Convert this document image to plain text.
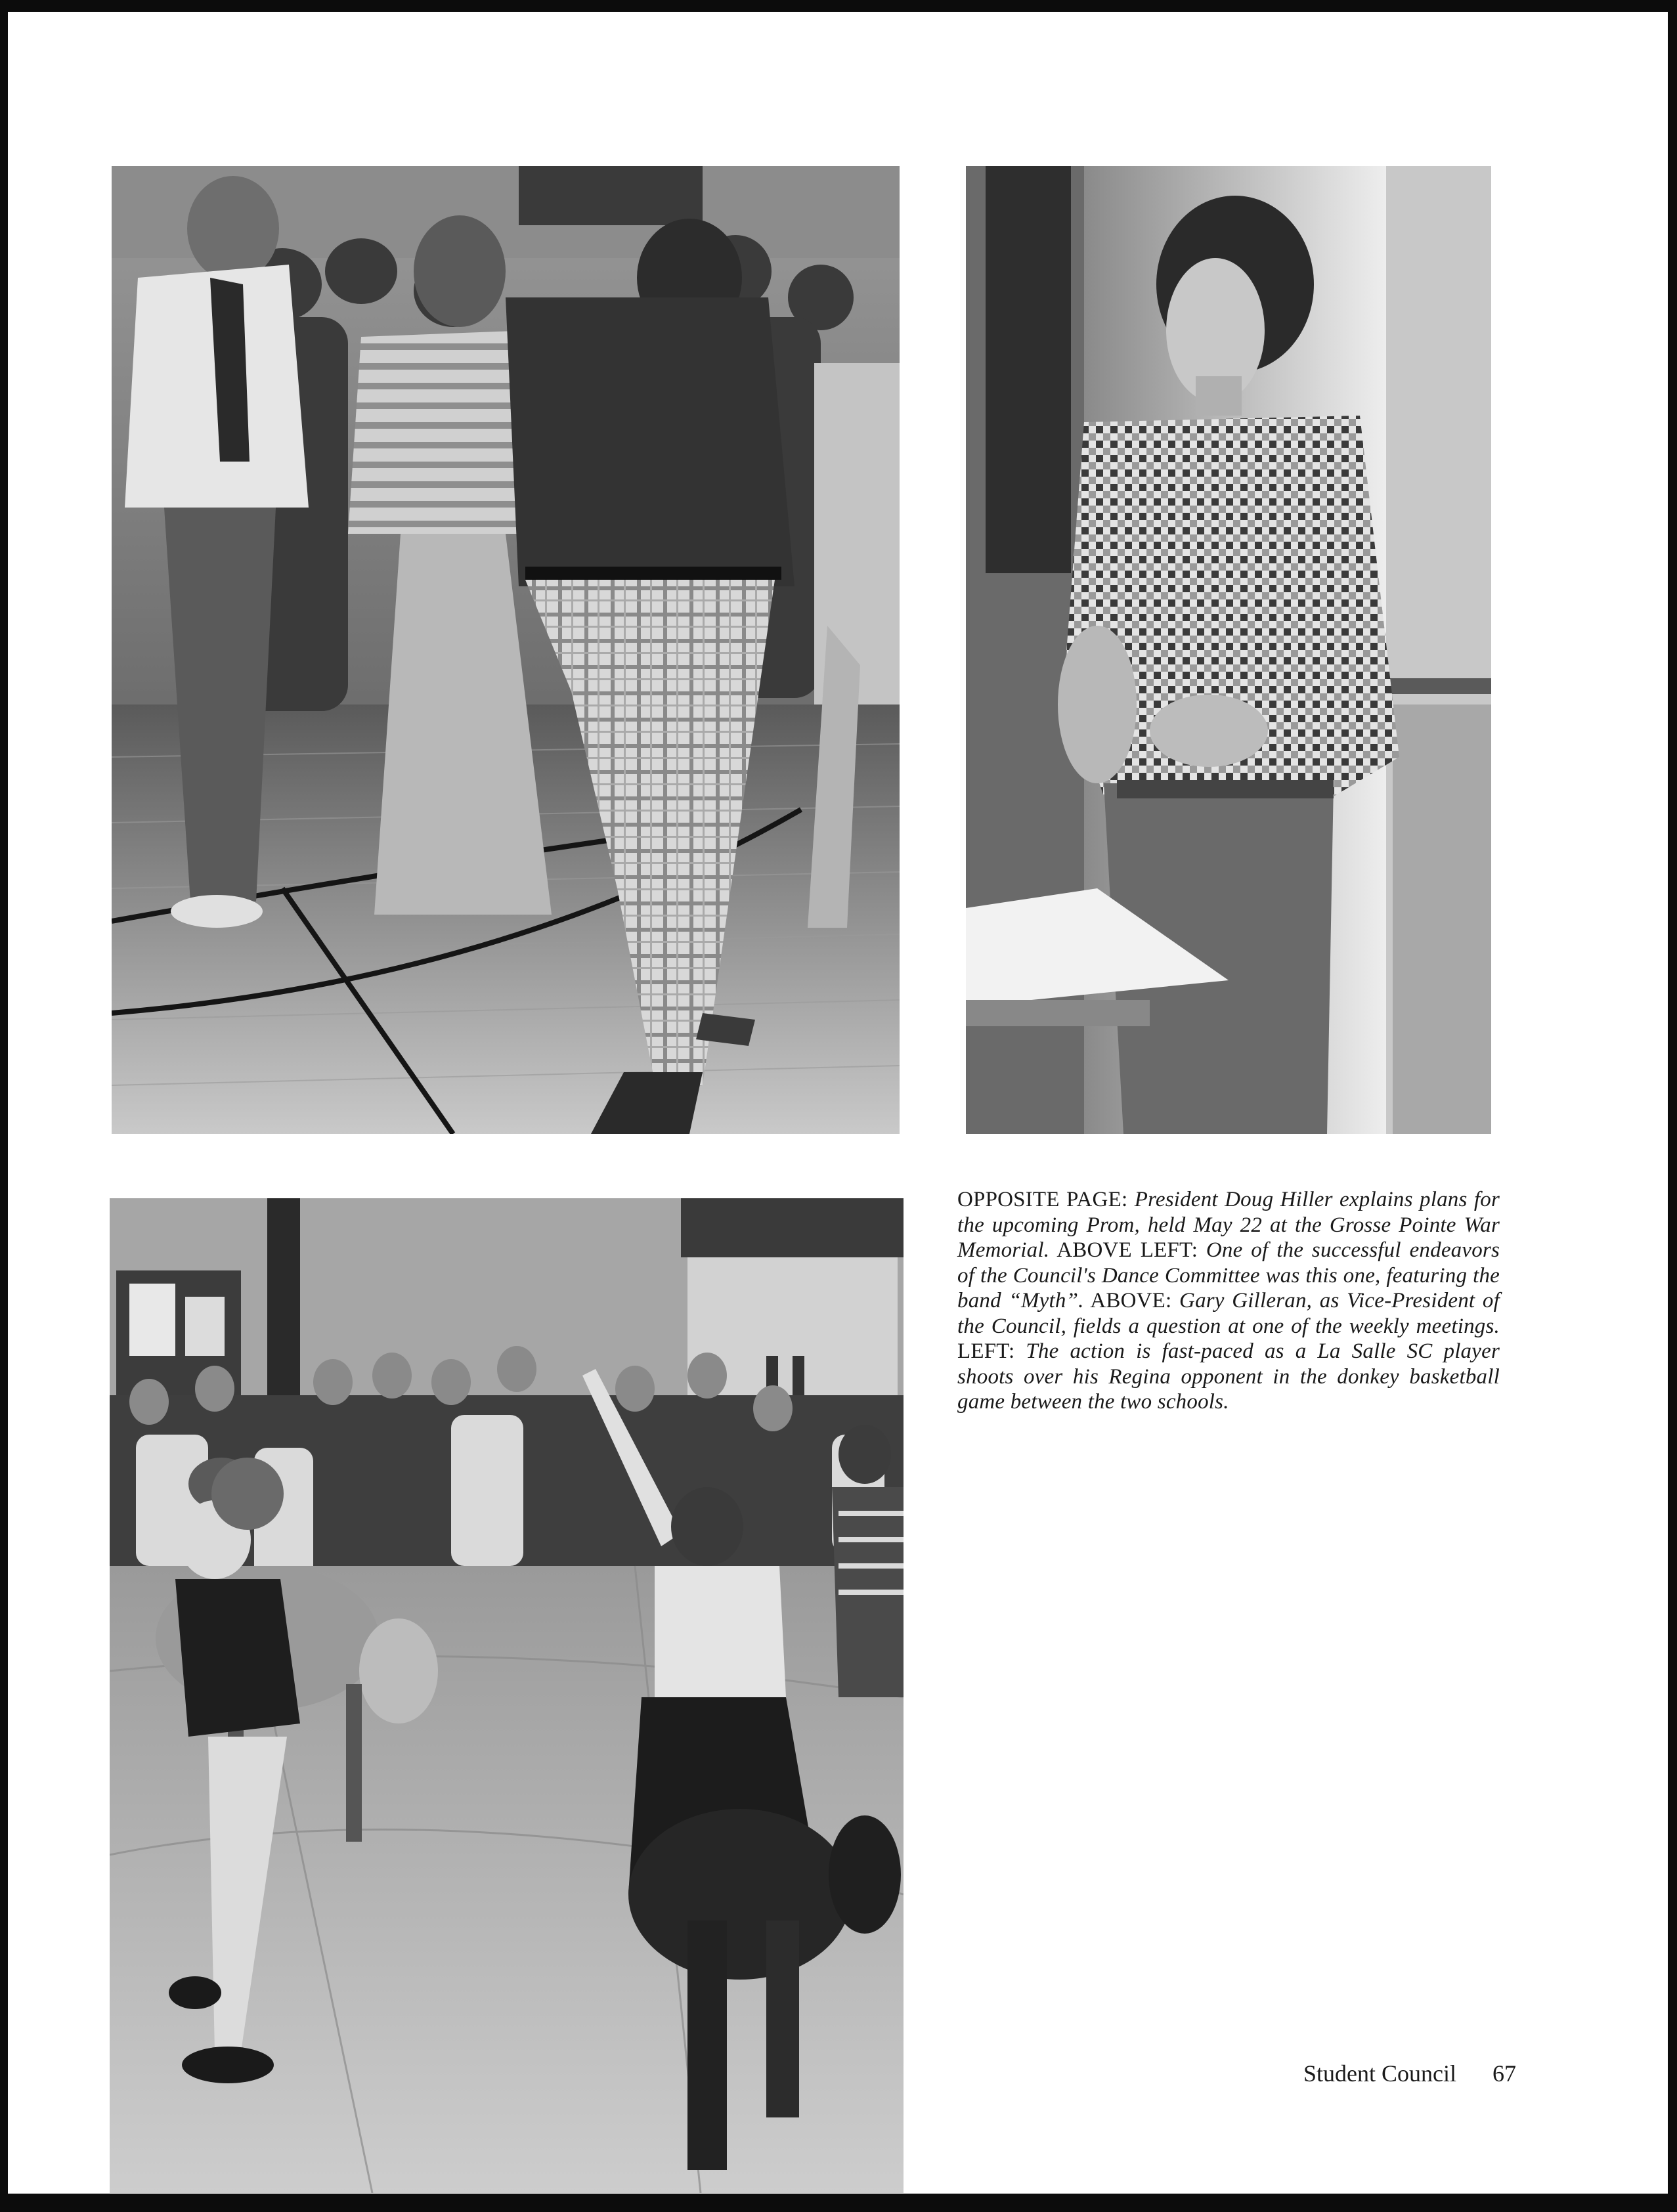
OPPOSITE PAGE: President Doug Hiller explains plans for the upcoming Prom, held May 22 at the Grosse Pointe War Memorial. ABOVE LEFT: One of the successful endeavors of the Council's Dance Committee was this one, featuring the band “Myth”. ABOVE: Gary Gilleran, as Vice-President of the Council, fields a question at one of the weekly meetings. LEFT: The action is fast-paced as a La Salle SC player shoots over his Regina opponent in the donkey basketball game between the two schools.
Student Council 67
